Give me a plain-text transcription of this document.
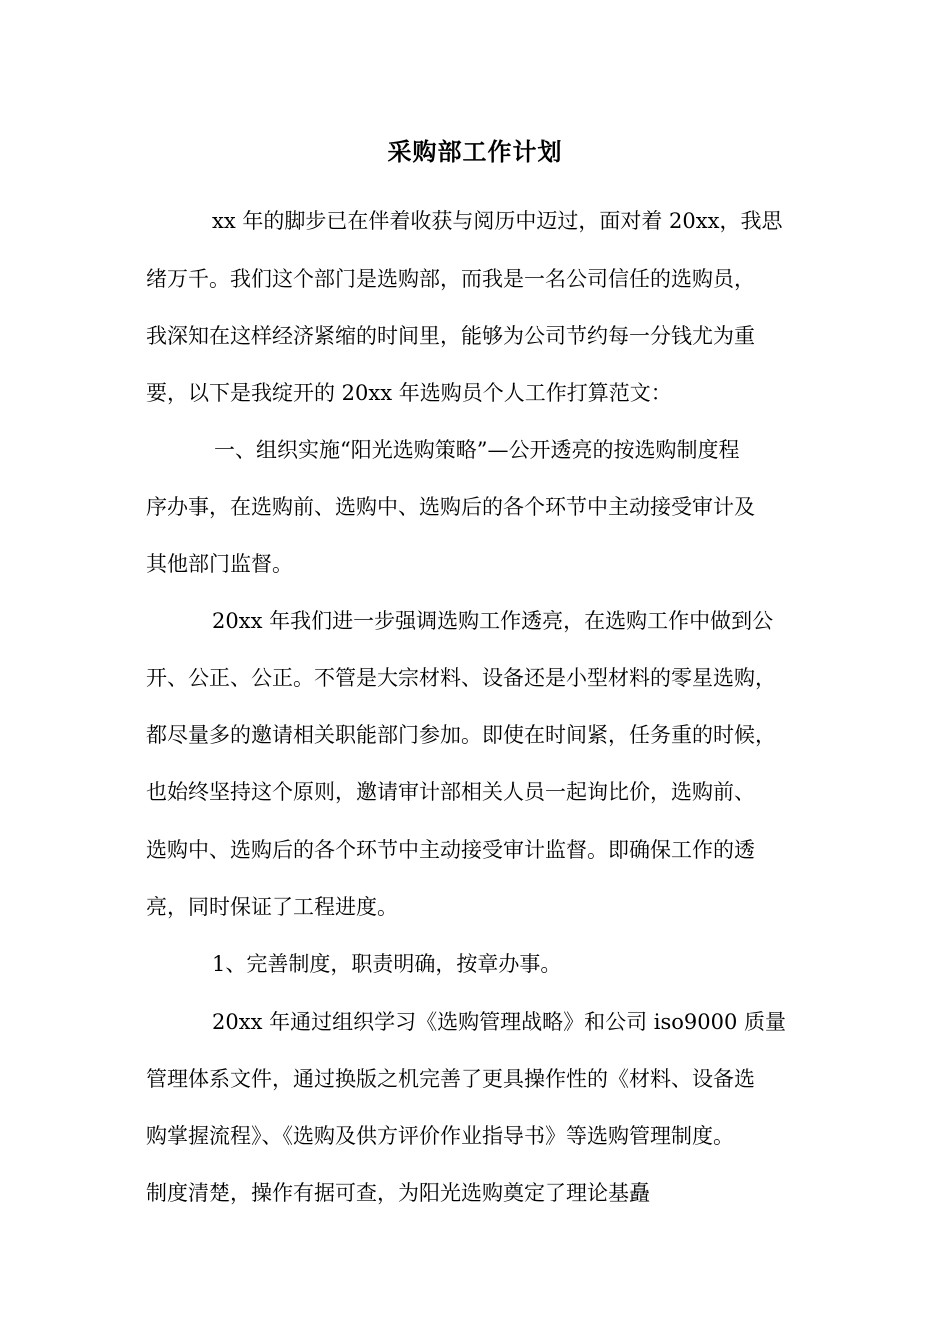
采购部工作计划

xx 年的脚步已在伴着收获与阅历中迈过，面对着 20xx，我思

绪万千。我们这个部门是选购部，而我是一名公司信任的选购员，

我深知在这样经济紧缩的时间里，能够为公司节约每一分钱尤为重

要，以下是我绽开的 20xx 年选购员个人工作打算范文：

一、组织实施“阳光选购策略”—公开透亮的按选购制度程

序办事，在选购前、选购中、选购后的各个环节中主动接受审计及

其他部门监督。

20xx 年我们进一步强调选购工作透亮，在选购工作中做到公

开、公正、公正。不管是大宗材料、设备还是小型材料的零星选购，

都尽量多的邀请相关职能部门参加。即使在时间紧，任务重的时候，

也始终坚持这个原则，邀请审计部相关人员一起询比价，选购前、

选购中、选购后的各个环节中主动接受审计监督。即确保工作的透

亮，同时保证了工程进度。

1、完善制度，职责明确，按章办事。

20xx 年通过组织学习《选购管理战略》和公司 iso9000 质量

管理体系文件，通过换版之机完善了更具操作性的《材料、设备选

购掌握流程》、《选购及供方评价作业指导书》等选购管理制度。

制度清楚，操作有据可查，为阳光选购奠定了理论基矗
